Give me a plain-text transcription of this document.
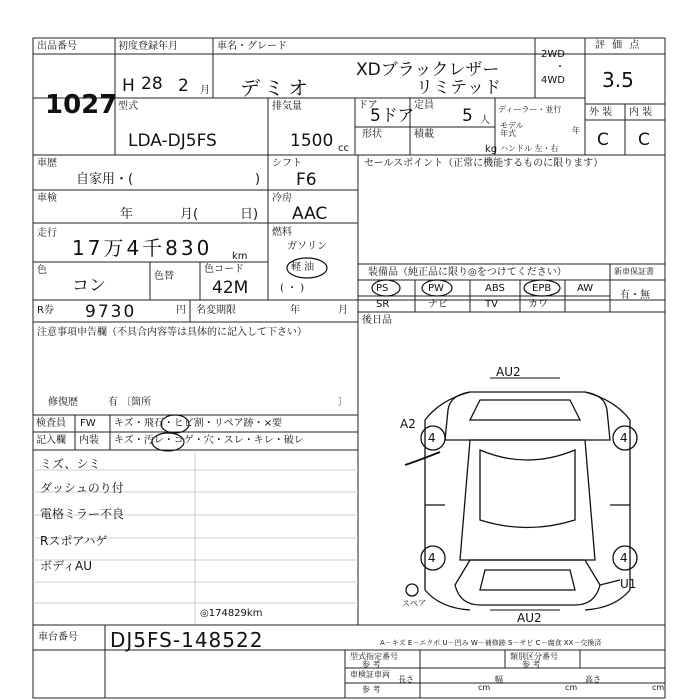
出品番号
1027
初度登録年月
H 28 2 月
車名・グレード
デミオ
XDブラックレザー
リミテッド
2WD
・
4WD
評 価 点
3.5
外 装 内 装
C C
型式
LDA-DJ5FS
排気量
1500 cc
ドア
5ドア
定員
5 人
形状	積載
kg
ディーラー・並行
モデル年式	年
ハンドル 左・右
車歴
自家用・(	)
車検
年	月(	日)
走行
17万4千830 km
色
コン	色替
色コード
42M
シフト
F6
冷房
AAC
燃料
ガソリン
軽 油
( ・ )
R券 9730	円 名変期限	年	月
注意事項申告欄（不具合内容等は具体的に記入して下さい）
修復歴	有 〔箇所	〕
セールスポイント（正常に機能するものに限ります）
装備品（純正品に限り◎をつけてください）	新車保証書
有・無
PS	PW	ABS	EPB	AW
SR	ナビ	TV	カワ
後日品
検査員 FW キズ・飛石・ヒビ割・リペア跡・×要
記入欄 内装 キズ・汚レ・コゲ・穴・スレ・キレ・破レ
ミズ、シミ
ダッシュのり付
電格ミラー不良
Rスポアハゲ
ボディAU
◎174829km
AU2
A2
AU2
U1
4	4
4	4
スペア
車台番号 DJ5FS-148522	A－キズ E－エクボ U－凹み W－補修跡 S－サビ C－腐食 XX－交換済
型式指定番号
参 考
類別区分番号
参 考
車検証車両
参 考
長さ
cm
幅
cm
高さ
cm
